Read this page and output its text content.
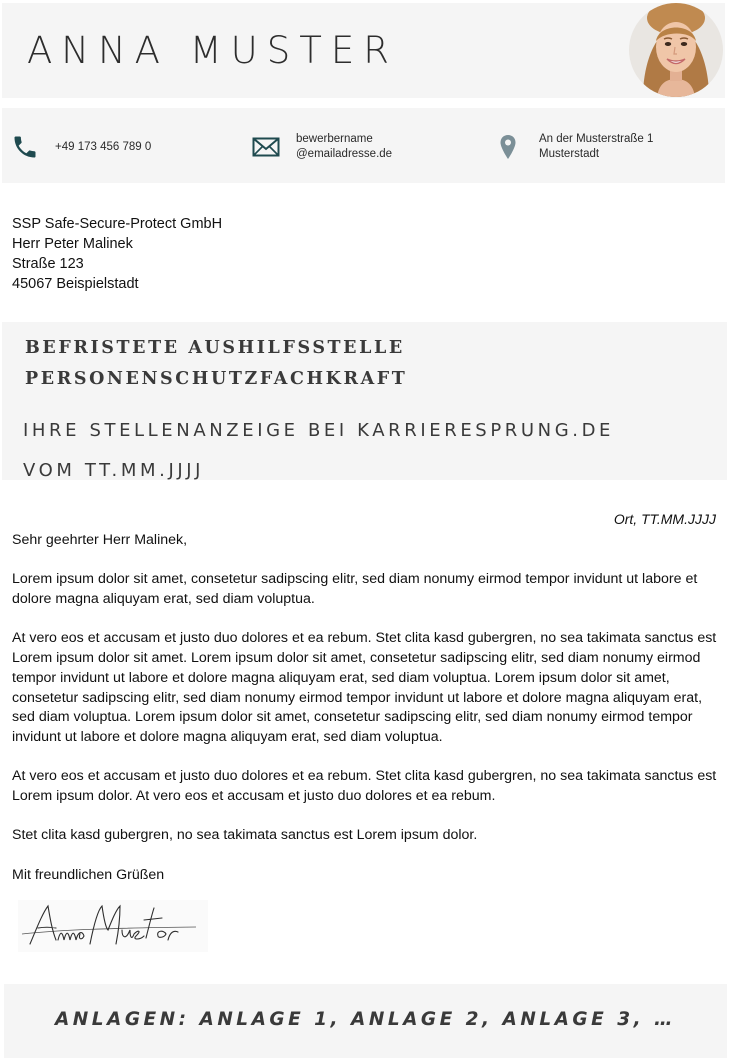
ANNA MUSTER
+49 173 456 789 0
bewerbername
@emailadresse.de
An der Musterstraße 1
Musterstadt
SSP Safe-Secure-Protect GmbH
Herr Peter Malinek
Straße 123
45067 Beispielstadt
BEFRISTETE AUSHILFSSTELLE
PERSONENSCHUTZFACHKRAFT
IHRE STELLENANZEIGE BEI KARRIERESPRUNG.DE
VOM TT.MM.JJJJ
Ort, TT.MM.JJJJ

Sehr geehrter Herr Malinek,

Lorem ipsum dolor sit amet, consetetur sadipscing elitr, sed diam nonumy eirmod tempor invidunt ut labore et dolore magna aliquyam erat, sed diam voluptua.

At vero eos et accusam et justo duo dolores et ea rebum. Stet clita kasd gubergren, no sea takimata sanctus est Lorem ipsum dolor sit amet. Lorem ipsum dolor sit amet, consetetur sadipscing elitr, sed diam nonumy eirmod tempor invidunt ut labore et dolore magna aliquyam erat, sed diam voluptua. Lorem ipsum dolor sit amet, consetetur sadipscing elitr, sed diam nonumy eirmod tempor invidunt ut labore et dolore magna aliquyam erat, sed diam voluptua. Lorem ipsum dolor sit amet, consetetur sadipscing elitr, sed diam nonumy eirmod tempor invidunt ut labore et dolore magna aliquyam erat, sed diam voluptua.

At vero eos et accusam et justo duo dolores et ea rebum. Stet clita kasd gubergren, no sea takimata sanctus est Lorem ipsum dolor. At vero eos et accusam et justo duo dolores et ea rebum.

Stet clita kasd gubergren, no sea takimata sanctus est Lorem ipsum dolor.

Mit freundlichen Grüßen

ANLAGEN: ANLAGE 1, ANLAGE 2, ANLAGE 3, …
